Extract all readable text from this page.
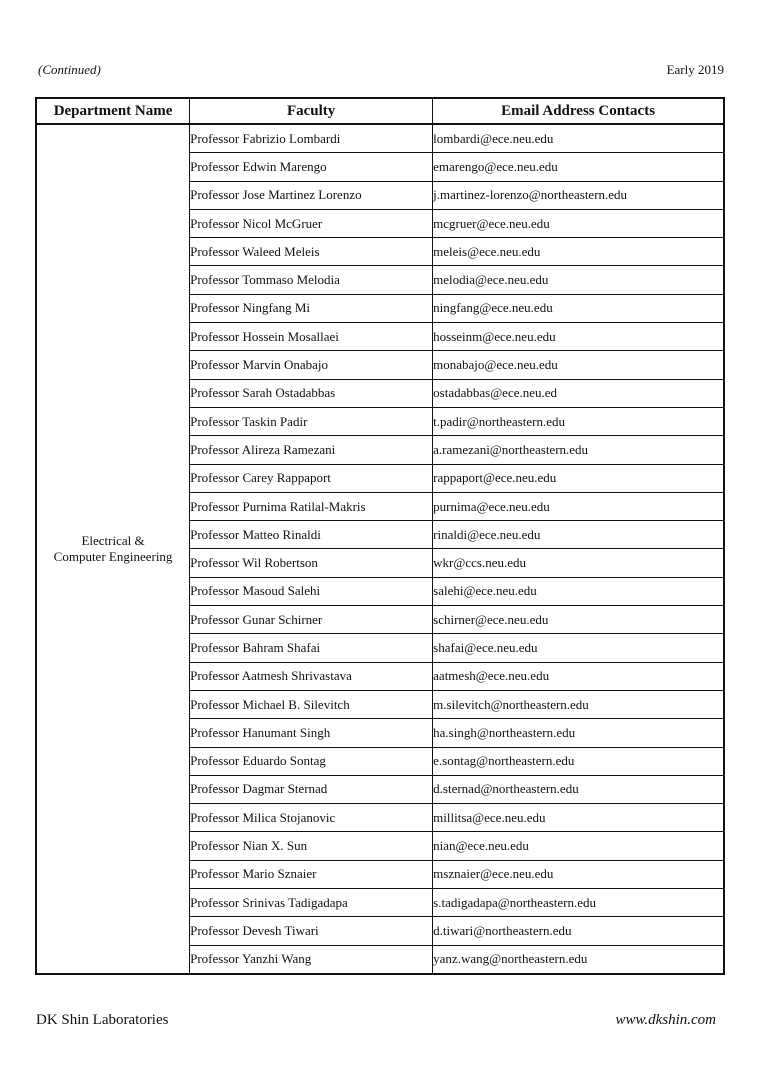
(Continued)	Early 2019
Department Name	Faculty	Email Address Contacts

Electrical &
Computer Engineering	Professor Fabrizio Lombardi	lombardi@ece.neu.edu
	Professor Edwin Marengo	emarengo@ece.neu.edu
	Professor Jose Martinez Lorenzo	j.martinez-lorenzo@northeastern.edu
	Professor Nicol McGruer	mcgruer@ece.neu.edu
	Professor Waleed Meleis	meleis@ece.neu.edu
	Professor Tommaso Melodia	melodia@ece.neu.edu
	Professor Ningfang Mi	ningfang@ece.neu.edu
	Professor Hossein Mosallaei	hosseinm@ece.neu.edu
	Professor Marvin Onabajo	monabajo@ece.neu.edu
	Professor Sarah Ostadabbas	ostadabbas@ece.neu.ed
	Professor Taskin Padir	t.padir@northeastern.edu
	Professor Alireza Ramezani	a.ramezani@northeastern.edu
	Professor Carey Rappaport	rappaport@ece.neu.edu
	Professor Purnima Ratilal-Makris	purnima@ece.neu.edu
	Professor Matteo Rinaldi	rinaldi@ece.neu.edu
	Professor Wil Robertson	wkr@ccs.neu.edu
	Professor Masoud Salehi	salehi@ece.neu.edu
	Professor Gunar Schirner	schirner@ece.neu.edu
	Professor Bahram Shafai	shafai@ece.neu.edu
	Professor Aatmesh Shrivastava	aatmesh@ece.neu.edu
	Professor Michael B. Silevitch	m.silevitch@northeastern.edu
	Professor Hanumant Singh	ha.singh@northeastern.edu
	Professor Eduardo Sontag	e.sontag@northeastern.edu
	Professor Dagmar Sternad	d.sternad@northeastern.edu
	Professor Milica Stojanovic	millitsa@ece.neu.edu
	Professor Nian X. Sun	nian@ece.neu.edu
	Professor Mario Sznaier	msznaier@ece.neu.edu
	Professor Srinivas Tadigadapa	s.tadigadapa@northeastern.edu
	Professor Devesh Tiwari	d.tiwari@northeastern.edu
	Professor Yanzhi Wang	yanz.wang@northeastern.edu
DK Shin Laboratories	www.dkshin.com
